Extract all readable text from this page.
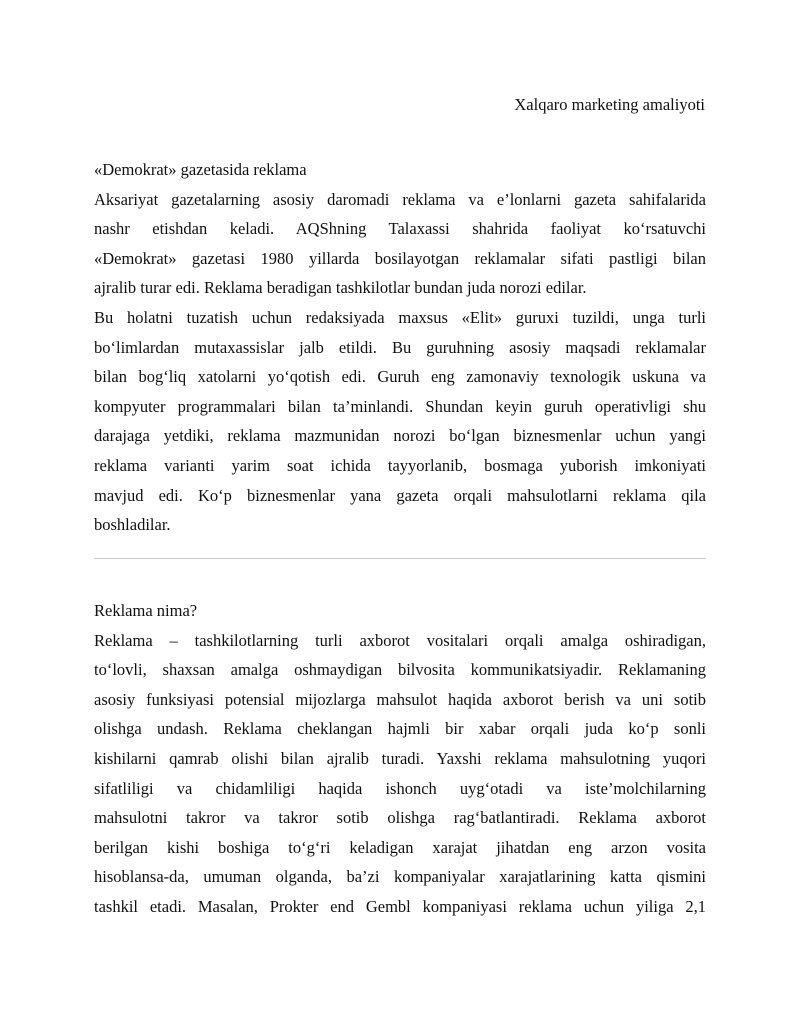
Xalqaro marketing amaliyoti
«Demokrat» gazetasida reklama
Aksariyat gazetalarning asosiy daromadi reklama va e’lonlarni gazeta sahifalarida
nashr etishdan keladi. AQShning Talaxassi shahrida faoliyat ko‘rsatuvchi
«Demokrat» gazetasi 1980 yillarda bosilayotgan reklamalar sifati pastligi bilan
ajralib turar edi. Reklama beradigan tashkilotlar bundan juda norozi edilar.
Bu holatni tuzatish uchun redaksiyada maxsus «Elit» guruxi tuzildi, unga turli
bo‘limlardan mutaxassislar jalb etildi. Bu guruhning asosiy maqsadi reklamalar
bilan bog‘liq xatolarni yo‘qotish edi. Guruh eng zamonaviy texnologik uskuna va
kompyuter programmalari bilan ta’minlandi. Shundan keyin guruh operativligi shu
darajaga yetdiki, reklama mazmunidan norozi bo‘lgan biznesmenlar uchun yangi
reklama varianti yarim soat ichida tayyorlanib, bosmaga yuborish imkoniyati
mavjud edi. Ko‘p biznesmenlar yana gazeta orqali mahsulotlarni reklama qila
boshladilar.
Reklama nima?
Reklama – tashkilotlarning turli axborot vositalari orqali amalga oshiradigan,
to‘lovli, shaxsan amalga oshmaydigan bilvosita kommunikatsiyadir. Reklamaning
asosiy funksiyasi potensial mijozlarga mahsulot haqida axborot berish va uni sotib
olishga undash. Reklama cheklangan hajmli bir xabar orqali juda ko‘p sonli
kishilarni qamrab olishi bilan ajralib turadi. Yaxshi reklama mahsulotning yuqori
sifatliligi va chidamliligi haqida ishonch uyg‘otadi va iste’molchilarning
mahsulotni takror va takror sotib olishga rag‘batlantiradi. Reklama axborot
berilgan kishi boshiga to‘g‘ri keladigan xarajat jihatdan eng arzon vosita
hisoblansa-da, umuman olganda, ba’zi kompaniyalar xarajatlarining katta qismini
tashkil etadi. Masalan, Prokter end Gembl kompaniyasi reklama uchun yiliga 2,1
